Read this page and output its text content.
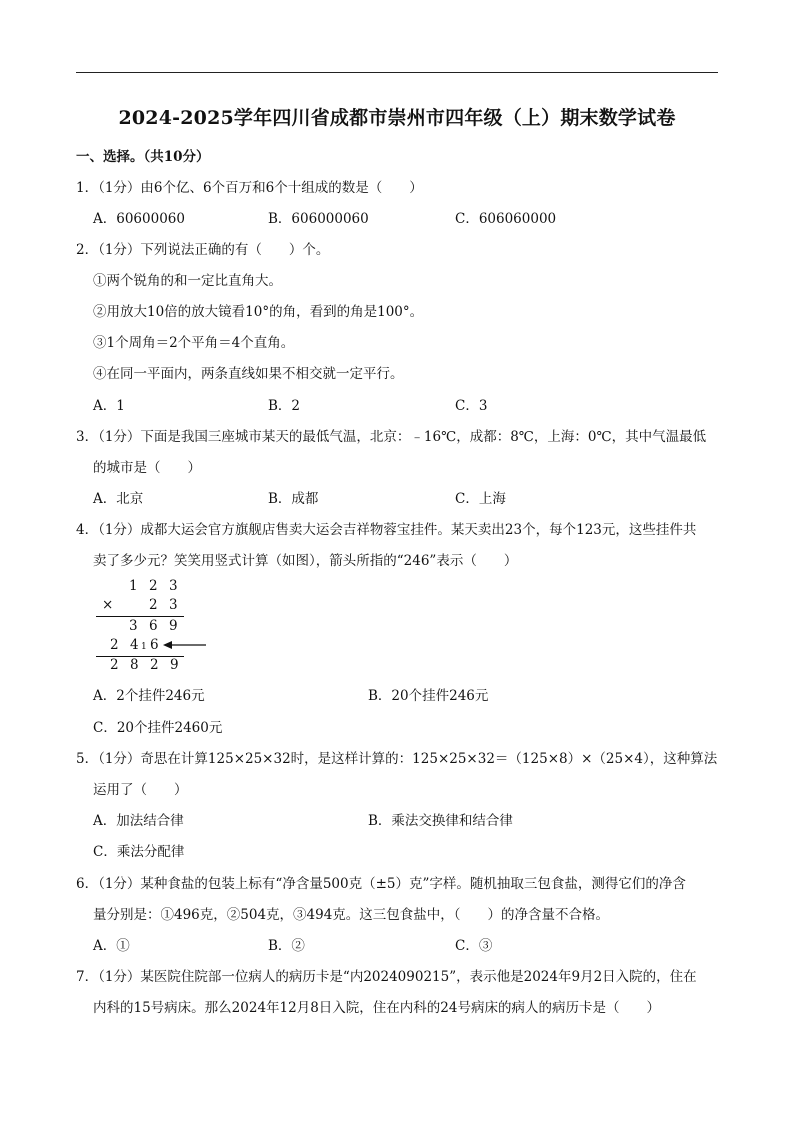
2024-2025学年四川省成都市崇州市四年级（上）期末数学试卷
一、选择。（共10分）
1．（1分）由6个亿、6个百万和6个十组成的数是（　　）
A．60600060	B．606000060	C．606060000
2．（1分）下列说法正确的有（　　）个。
①两个锐角的和一定比直角大。
②用放大10倍的放大镜看10°的角，看到的角是100°。
③1个周角＝2个平角＝4个直角。
④在同一平面内，两条直线如果不相交就一定平行。
A．1	B．2	C．3
3．（1分）下面是我国三座城市某天的最低气温，北京：﹣16℃，成都：8℃，上海：0℃，其中气温最低
的城市是（　　）
A．北京	B．成都	C．上海
4．（1分）成都大运会官方旗舰店售卖大运会吉祥物蓉宝挂件。某天卖出23个，每个123元，这些挂件共
卖了多少元？笑笑用竖式计算（如图），箭头所指的“246”表示（　　）
1 2 3
×	2 3
3 6 9
2 4 1 6
2 8 2 9
A．2个挂件246元	B．20个挂件246元
C．20个挂件2460元
5．（1分）奇思在计算125×25×32时，是这样计算的：125×25×32＝（125×8）×（25×4），这种算法
运用了（　　）
A．加法结合律	B．乘法交换律和结合律
C．乘法分配律
6．（1分）某种食盐的包装上标有“净含量500克（±5）克”字样。随机抽取三包食盐，测得它们的净含
量分别是：①496克，②504克，③494克。这三包食盐中，（　　）的净含量不合格。
A．①	B．②	C．③
7．（1分）某医院住院部一位病人的病历卡是“内2024090215”，表示他是2024年9月2日入院的，住在
内科的15号病床。那么2024年12月8日入院，住在内科的24号病床的病人的病历卡是（　　）
